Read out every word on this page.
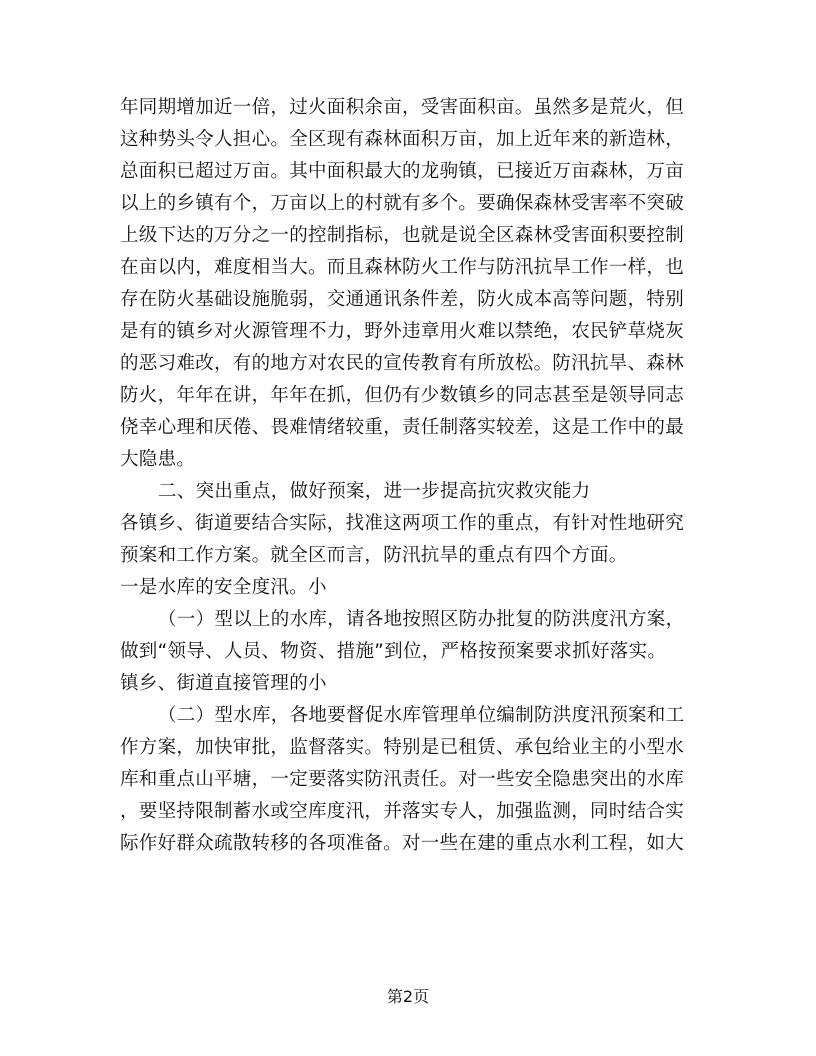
年同期增加近一倍，过火面积余亩，受害面积亩。虽然多是荒火，但
这种势头令人担心。全区现有森林面积万亩，加上近年来的新造林，
总面积已超过万亩。其中面积最大的龙驹镇，已接近万亩森林，万亩
以上的乡镇有个，万亩以上的村就有多个。要确保森林受害率不突破
上级下达的万分之一的控制指标，也就是说全区森林受害面积要控制
在亩以内，难度相当大。而且森林防火工作与防汛抗旱工作一样，也
存在防火基础设施脆弱，交通通讯条件差，防火成本高等问题，特别
是有的镇乡对火源管理不力，野外违章用火难以禁绝，农民铲草烧灰
的恶习难改，有的地方对农民的宣传教育有所放松。防汛抗旱、森林
防火，年年在讲，年年在抓，但仍有少数镇乡的同志甚至是领导同志
侥幸心理和厌倦、畏难情绪较重，责任制落实较差，这是工作中的最
大隐患。
二、突出重点，做好预案，进一步提高抗灾救灾能力
各镇乡、街道要结合实际，找准这两项工作的重点，有针对性地研究
预案和工作方案。就全区而言，防汛抗旱的重点有四个方面。
一是水库的安全度汛。小
（一）型以上的水库，请各地按照区防办批复的防洪度汛方案，
做到“领导、人员、物资、措施”到位，严格按预案要求抓好落实。
镇乡、街道直接管理的小
（二）型水库，各地要督促水库管理单位编制防洪度汛预案和工
作方案，加快审批，监督落实。特别是已租赁、承包给业主的小型水
库和重点山平塘，一定要落实防汛责任。对一些安全隐患突出的水库
，要坚持限制蓄水或空库度汛，并落实专人，加强监测，同时结合实
际作好群众疏散转移的各项准备。对一些在建的重点水利工程，如大
第2页
